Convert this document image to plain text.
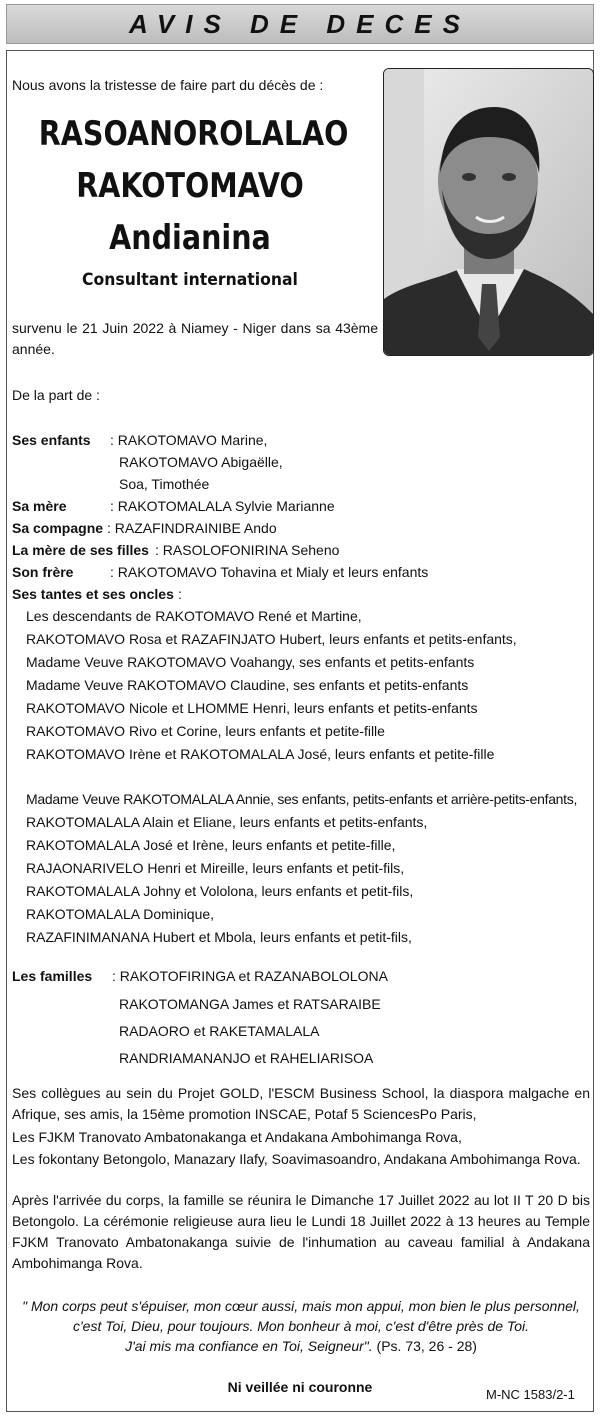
AVIS DE DECES
Nous avons la tristesse de faire part du décès de :
RASOANOROLALAO
RAKOTOMAVO
Andianina
Consultant international
survenu le 21 Juin 2022 à Niamey - Niger dans sa 43ème année.
De la part de :
Ses enfants : RAKOTOMAVO Marine,
RAKOTOMAVO Abigaëlle,
Soa, Timothée
Sa mère	: RAKOTOMALALA Sylvie Marianne
Sa compagne : RAZAFINDRAINIBE Ando
La mère de ses filles : RASOLOFONIRINA Seheno
Son frère	: RAKOTOMAVO Tohavina et Mialy et leurs enfants
Ses tantes et ses oncles :
Les descendants de RAKOTOMAVO René et Martine,
RAKOTOMAVO Rosa et RAZAFINJATO Hubert, leurs enfants et petits-enfants,
Madame Veuve RAKOTOMAVO Voahangy, ses enfants et petits-enfants
Madame Veuve RAKOTOMAVO Claudine, ses enfants et petits-enfants
RAKOTOMAVO Nicole et LHOMME Henri, leurs enfants et petits-enfants
RAKOTOMAVO Rivo et Corine, leurs enfants et petite-fille
RAKOTOMAVO Irène et RAKOTOMALALA José, leurs enfants et petite-fille
Madame Veuve RAKOTOMALALA Annie, ses enfants, petits-enfants et arrière-petits-enfants,
RAKOTOMALALA Alain et Eliane, leurs enfants et petits-enfants,
RAKOTOMALALA José et Irène, leurs enfants et petite-fille,
RAJAONARIVELO Henri et Mireille, leurs enfants et petit-fils,
RAKOTOMALALA Johny et Vololona, leurs enfants et petit-fils,
RAKOTOMALALA Dominique,
RAZAFINIMANANA Hubert et Mbola, leurs enfants et petit-fils,
Les familles : RAKOTOFIRINGA et RAZANABOLOLONA
RAKOTOMANGA James et RATSARAIBE
RADAORO et RAKETAMALALA
RANDRIAMANANJO et RAHELIARISOA
Ses collègues au sein du Projet GOLD, l'ESCM Business School, la diaspora malgache en Afrique, ses amis, la 15ème promotion INSCAE, Potaf 5 SciencesPo Paris,
Les FJKM Tranovato Ambatonakanga et Andakana Ambohimanga Rova,
Les fokontany Betongolo, Manazary Ilafy, Soavimasoandro, Andakana Ambohimanga Rova.
Après l'arrivée du corps, la famille se réunira le Dimanche 17 Juillet 2022 au lot II T 20 D bis Betongolo. La cérémonie religieuse aura lieu le Lundi 18 Juillet 2022 à 13 heures au Temple FJKM Tranovato Ambatonakanga suivie de l'inhumation au caveau familial à Andakana Ambohimanga Rova.
" Mon corps peut s'épuiser, mon cœur aussi, mais mon appui, mon bien le plus personnel,
c'est Toi, Dieu, pour toujours. Mon bonheur à moi, c'est d'être près de Toi.
J'ai mis ma confiance en Toi, Seigneur". (Ps. 73, 26 - 28)
Ni veillée ni couronne	M-NC 1583/2-1
